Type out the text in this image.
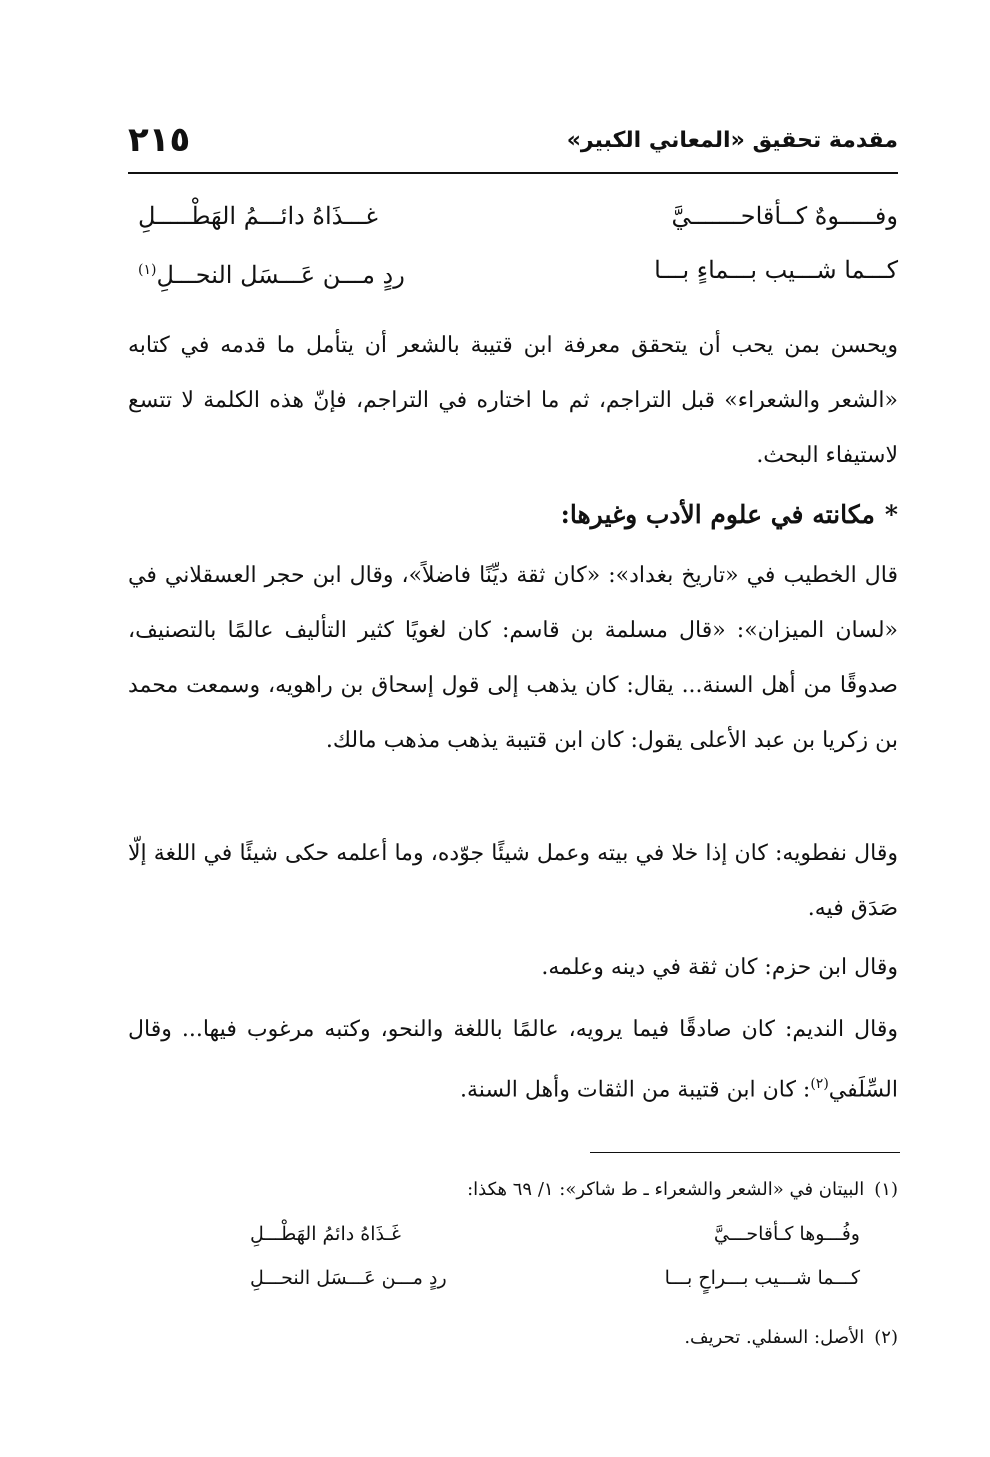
مقدمة تحقيق «المعاني الكبير»
٢١٥
وفـــــوهٌ كــأقاحـــــــيَّ
غـــذَاهُ دائـــمُ الهَطْـــــلِ
كـــما شـــيب بـــماءٍ بـــا
ردٍ مـــن عَـــسَل النحـــلِ$^{(١)}$
ويحسن بمن يحب أن يتحقق معرفة ابن قتيبة بالشعر أن يتأمل ما قدمه في كتابه «الشعر والشعراء» قبل التراجم، ثم ما اختاره في التراجم، فإنّ هذه الكلمة لا تتسع لاستيفاء البحث.
*مكانته في علوم الأدب وغيرها:
قال الخطيب في «تاريخ بغداد»: «كان ثقة ديِّنًا فاضلاً»، وقال ابن حجر العسقلاني في «لسان الميزان»: «قال مسلمة بن قاسم: كان لغويًا كثير التأليف عالمًا بالتصنيف، صدوقًا من أهل السنة... يقال: كان يذهب إلى قول إسحاق بن راهويه، وسمعت محمد بن زكريا بن عبد الأعلى يقول: كان ابن قتيبة يذهب مذهب مالك.
وقال نفطويه: كان إذا خلا في بيته وعمل شيئًا جوّده، وما أعلمه حكى شيئًا في اللغة إلّا صَدَق فيه.
وقال ابن حزم: كان ثقة في دينه وعلمه.
وقال النديم: كان صادقًا فيما يرويه، عالمًا باللغة والنحو، وكتبه مرغوب فيها... وقال السِّلَفي$^{(٢)}$: كان ابن قتيبة من الثقات وأهل السنة.
(١)البيتان في «الشعر والشعراء ـ ط شاكر»: ١/ ٦٩ هكذا:
وفُـــوها كـأقاحـــيَّ
غَـذَاهُ دائمُ الهَطْـــلِ
كـــما شـــيب بـــراحٍ بـــا
ردٍ مـــن عَـــسَل النحـــلِ
(٢)الأصل: السفلي. تحريف.
